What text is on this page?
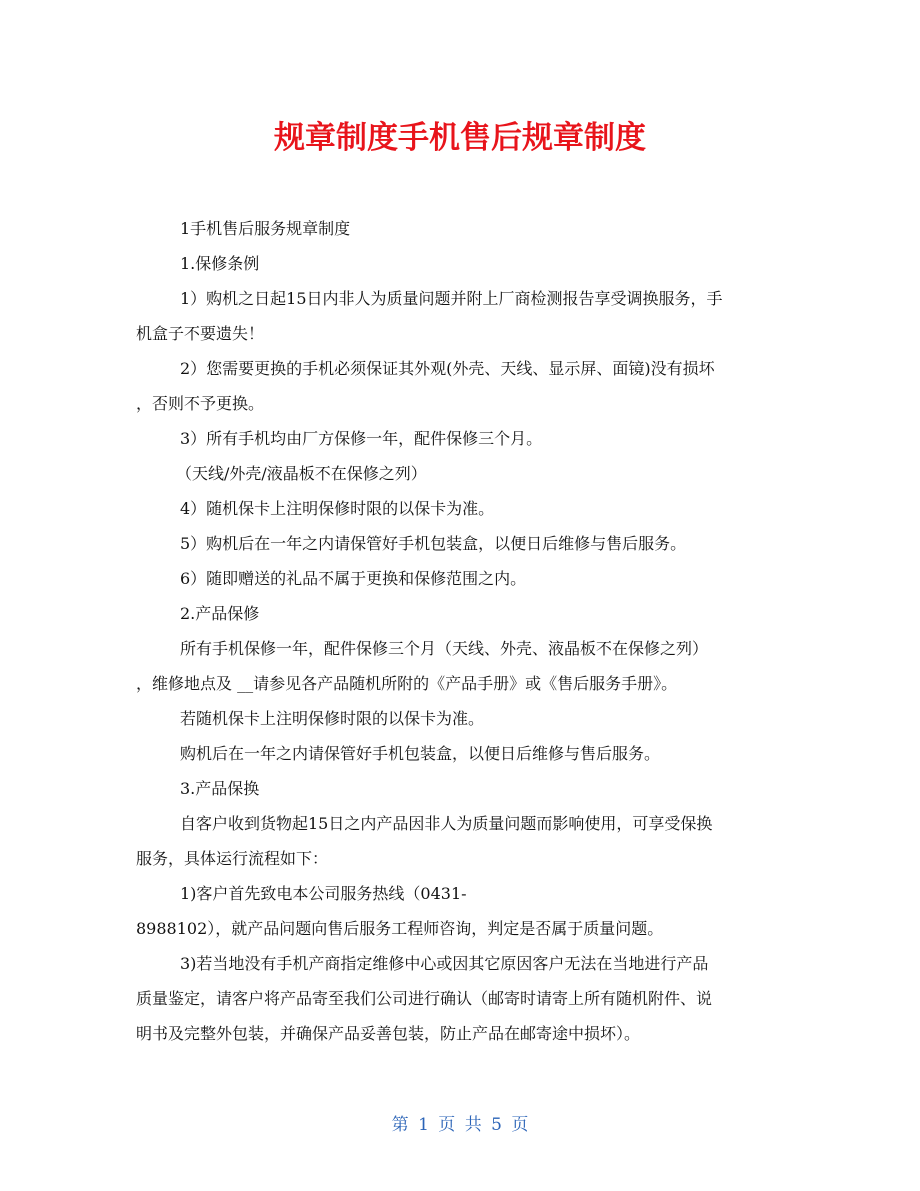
规章制度手机售后规章制度

1手机售后服务规章制度

1.保修条例

1）购机之日起15日内非人为质量问题并附上厂商检测报告享受调换服务，手

机盒子不要遗失！

2）您需要更换的手机必须保证其外观(外壳、天线、显示屏、面镜)没有损坏

，否则不予更换。

3）所有手机均由厂方保修一年，配件保修三个月。

（天线/外壳/液晶板不在保修之列）

4）随机保卡上注明保修时限的以保卡为准。

5）购机后在一年之内请保管好手机包装盒，以便日后维修与售后服务。

6）随即赠送的礼品不属于更换和保修范围之内。

2.产品保修

所有手机保修一年，配件保修三个月（天线、外壳、液晶板不在保修之列）

，维修地点及 __请参见各产品随机所附的《产品手册》或《售后服务手册》。

若随机保卡上注明保修时限的以保卡为准。

购机后在一年之内请保管好手机包装盒，以便日后维修与售后服务。

3.产品保换

自客户收到货物起15日之内产品因非人为质量问题而影响使用，可享受保换

服务，具体运行流程如下：

1)客户首先致电本公司服务热线（0431-

8988102），就产品问题向售后服务工程师咨询，判定是否属于质量问题。

3)若当地没有手机产商指定维修中心或因其它原因客户无法在当地进行产品

质量鉴定，请客户将产品寄至我们公司进行确认（邮寄时请寄上所有随机附件、说

明书及完整外包装，并确保产品妥善包装，防止产品在邮寄途中损坏）。

第 1 页 共 5 页
